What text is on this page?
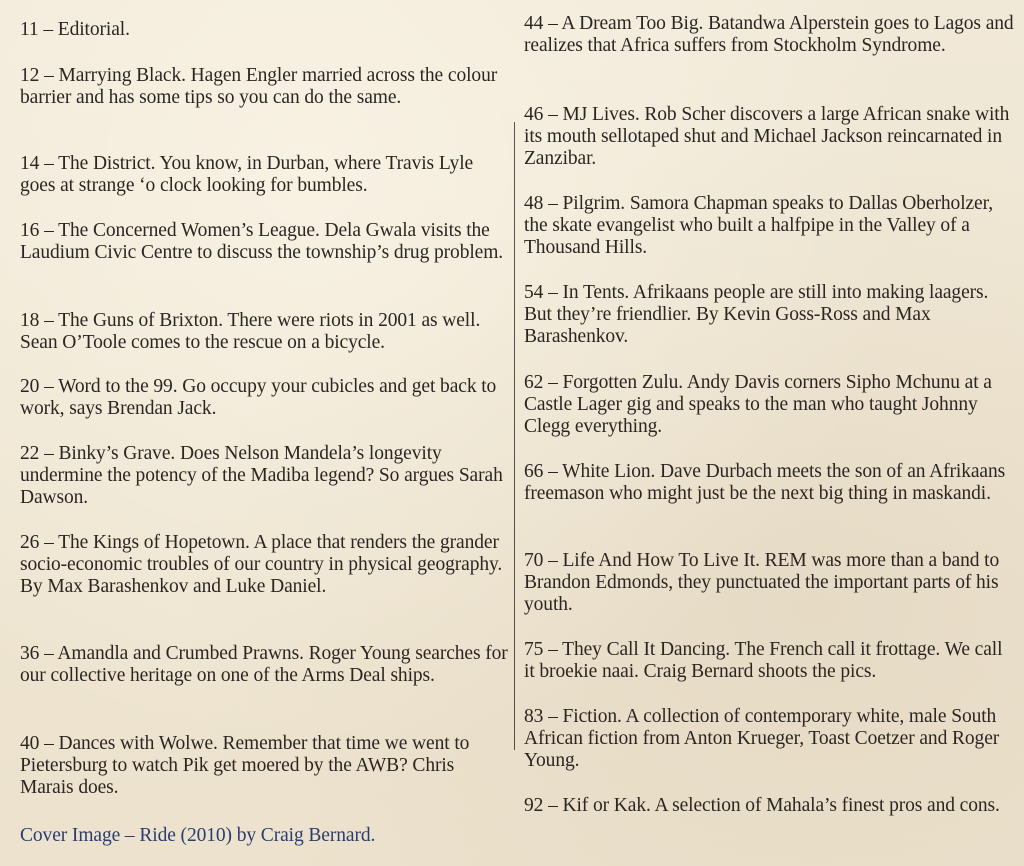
11 – Editorial.

12 – Marrying Black. Hagen Engler married across the colour barrier and has some tips so you can do the same.

14 – The District. You know, in Durban, where Travis Lyle goes at strange ‘o clock looking for bumbles.

16 – The Concerned Women’s League. Dela Gwala visits the Laudium Civic Centre to discuss the township’s drug problem.

18 – The Guns of Brixton. There were riots in 2001 as well. Sean O’Toole comes to the rescue on a bicycle.

20 – Word to the 99. Go occupy your cubicles and get back to work, says Brendan Jack.

22 – Binky’s Grave. Does Nelson Mandela’s longevity undermine the potency of the Madiba legend? So argues Sarah Dawson.

26 – The Kings of Hopetown. A place that renders the grander socio-economic troubles of our country in physical geography. By Max Barashenkov and Luke Daniel.

36 – Amandla and Crumbed Prawns. Roger Young searches for our collective heritage on one of the Arms Deal ships.

40 – Dances with Wolwe. Remember that time we went to Pietersburg to watch Pik get moered by the AWB? Chris Marais does.

Cover Image – Ride (2010) by Craig Bernard.

44 – A Dream Too Big. Batandwa Alperstein goes to Lagos and realizes that Africa suffers from Stockholm Syndrome.

46 – MJ Lives. Rob Scher discovers a large African snake with its mouth sellotaped shut and Michael Jackson reincarnated in Zanzibar.

48 – Pilgrim. Samora Chapman speaks to Dallas Oberholzer, the skate evangelist who built a halfpipe in the Valley of a Thousand Hills.

54 – In Tents. Afrikaans people are still into making laagers. But they’re friendlier. By Kevin Goss-Ross and Max Barashenkov.

62 – Forgotten Zulu. Andy Davis corners Sipho Mchunu at a Castle Lager gig and speaks to the man who taught Johnny Clegg everything.

66 – White Lion. Dave Durbach meets the son of an Afrikaans freemason who might just be the next big thing in maskandi.

70 – Life And How To Live It. REM was more than a band to Brandon Edmonds, they punctuated the important parts of his youth.

75 – They Call It Dancing. The French call it frottage. We call it broekie naai. Craig Bernard shoots the pics.

83 – Fiction. A collection of contemporary white, male South African fiction from Anton Krueger, Toast Coetzer and Roger Young.

92 – Kif or Kak. A selection of Mahala’s finest pros and cons.
